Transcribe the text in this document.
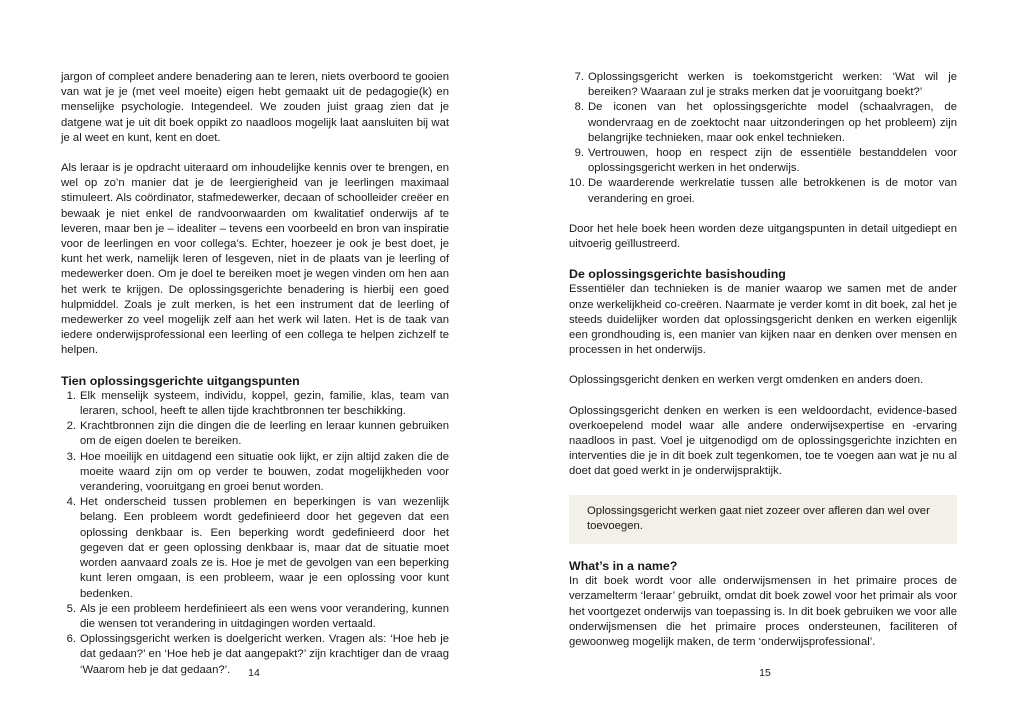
jargon of compleet andere benadering aan te leren, niets overboord te gooien van wat je je (met veel moeite) eigen hebt gemaakt uit de pedagogie(k) en menselijke psychologie. Integendeel. We zouden juist graag zien dat je datgene wat je uit dit boek oppikt zo naadloos mogelijk laat aansluiten bij wat je al weet en kunt, kent en doet.

Als leraar is je opdracht uiteraard om inhoudelijke kennis over te brengen, en wel op zo’n manier dat je de leergierigheid van je leerlingen maximaal stimuleert. Als coördinator, stafmedewerker, decaan of schoolleider creëer en bewaak je niet enkel de randvoorwaarden om kwalitatief onderwijs af te leveren, maar ben je – idealiter – tevens een voorbeeld en bron van inspiratie voor de leerlingen en voor collega’s. Echter, hoezeer je ook je best doet, je kunt het werk, namelijk leren of lesgeven, niet in de plaats van je leerling of medewerker doen. Om je doel te bereiken moet je wegen vinden om hen aan het werk te krijgen. De oplossingsgerichte benadering is hierbij een goed hulpmiddel. Zoals je zult merken, is het een instrument dat de leerling of medewerker zo veel mogelijk zelf aan het werk wil laten. Het is de taak van iedere onderwijsprofessional een leerling of een collega te helpen zichzelf te helpen.

Tien oplossingsgerichte uitgangspunten
1. Elk menselijk systeem, individu, koppel, gezin, familie, klas, team van leraren, school, heeft te allen tijde krachtbronnen ter beschikking.
2. Krachtbronnen zijn die dingen die de leerling en leraar kunnen gebruiken om de eigen doelen te bereiken.
3. Hoe moeilijk en uitdagend een situatie ook lijkt, er zijn altijd zaken die de moeite waard zijn om op verder te bouwen, zodat mogelijkheden voor verandering, vooruitgang en groei benut worden.
4. Het onderscheid tussen problemen en beperkingen is van wezenlijk belang. Een probleem wordt gedefinieerd door het gegeven dat een oplossing denkbaar is. Een beperking wordt gedefinieerd door het gegeven dat er geen oplossing denkbaar is, maar dat de situatie moet worden aanvaard zoals ze is. Hoe je met de gevolgen van een beperking kunt leren omgaan, is een probleem, waar je een oplossing voor kunt bedenken.
5. Als je een probleem herdefinieert als een wens voor verandering, kunnen die wensen tot verandering in uitdagingen worden vertaald.
6. Oplossingsgericht werken is doelgericht werken. Vragen als: ‘Hoe heb je dat gedaan?’ en ‘Hoe heb je dat aangepakt?’ zijn krachtiger dan de vraag ‘Waarom heb je dat gedaan?’.	14
7. Oplossingsgericht werken is toekomstgericht werken: ‘Wat wil je bereiken? Waaraan zul je straks merken dat je vooruitgang boekt?’
8. De iconen van het oplossingsgerichte model (schaalvragen, de wondervraag en de zoektocht naar uitzonderingen op het probleem) zijn belangrijke technieken, maar ook enkel technieken.
9. Vertrouwen, hoop en respect zijn de essentiële bestanddelen voor oplossingsgericht werken in het onderwijs.
10. De waarderende werkrelatie tussen alle betrokkenen is de motor van verandering en groei.

Door het hele boek heen worden deze uitgangspunten in detail uitgediept en uitvoerig geïllustreerd.

De oplossingsgerichte basishouding

Essentiëler dan technieken is de manier waarop we samen met de ander onze werkelijkheid co-creëren. Naarmate je verder komt in dit boek, zal het je steeds duidelijker worden dat oplossingsgericht denken en werken eigenlijk een grondhouding is, een manier van kijken naar en denken over mensen en processen in het onderwijs.

Oplossingsgericht denken en werken vergt omdenken en anders doen.

Oplossingsgericht denken en werken is een weldoordacht, evidence-based overkoepelend model waar alle andere onderwijsexpertise en -ervaring naadloos in past. Voel je uitgenodigd om de oplossingsgerichte inzichten en interventies die je in dit boek zult tegenkomen, toe te voegen aan wat je nu al doet dat goed werkt in je onderwijspraktijk.

Oplossingsgericht werken gaat niet zozeer over afleren dan wel over toevoegen.

What’s in a name?

In dit boek wordt voor alle onderwijsmensen in het primaire proces de verzamelterm ‘leraar’ gebruikt, omdat dit boek zowel voor het primair als voor het voortgezet onderwijs van toepassing is. In dit boek gebruiken we voor alle onderwijsmensen die het primaire proces ondersteunen, faciliteren of gewoonweg mogelijk maken, de term ‘onderwijsprofessional’.

15
